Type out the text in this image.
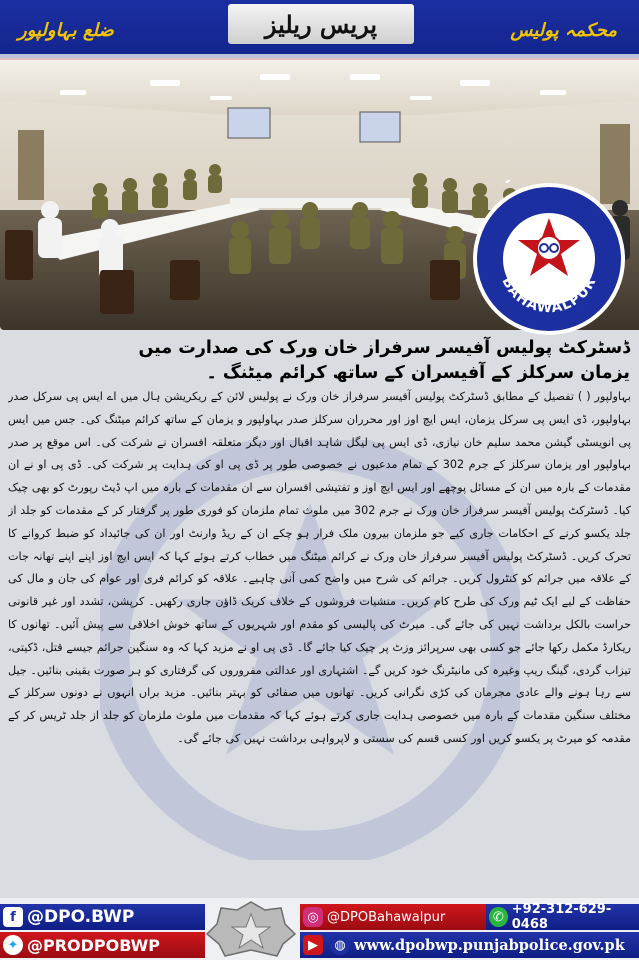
ضلع بہاولپور	پریس ریلیز	محکمہ پولیس
BAHAWALPUR
ڈسٹرکٹ پولیس آفیسر سرفراز خان ورک کی صدارت میں یزمان سرکلز کے آفیسران کے ساتھ کرائم میٹنگ ۔
بہاولپور ( ) تفصیل کے مطابق ڈسٹرکٹ پولیس آفیسر سرفراز خان ورک نے پولیس لائن کے ریکریشن ہال میں اے ایس پی سرکل صدر بہاولپور، ڈی ایس پی سرکل یزمان، ایس ایچ اوز اور محرران سرکلز صدر بہاولپور و یزمان کے ساتھ کرائم میٹنگ کی۔ جس میں ایس پی انویسٹی گیشن محمد سلیم خان نیازی، ڈی ایس پی لیگل شاہد اقبال اور دیگر متعلقہ افسران نے شرکت کی۔ اس موقع پر صدر بہاولپور اور یزمان سرکلز کے جرم 302 کے تمام مدعیوں نے خصوصی طور پر ڈی پی او کی ہدایت پر شرکت کی۔ ڈی پی او نے ان مقدمات کے بارہ میں ان کے مسائل پوچھے اور ایس ایچ اوز و تفتیشی افسران سے ان مقدمات کے بارہ میں اپ ڈیٹ رپورٹ کو بھی چیک کیا۔ ڈسٹرکٹ پولیس آفیسر سرفراز خان ورک نے جرم 302 میں ملوث تمام ملزمان کو فوری طور پر گرفتار کر کے مقدمات کو جلد از جلد یکسو کرنے کے احکامات جاری کیے جو ملزمان بیرون ملک فرار ہو چکے ان کے ریڈ وارنٹ اور ان کی جائیداد کو ضبط کروانے کا تحرک کریں۔ ڈسٹرکٹ پولیس آفیسر سرفراز خان ورک نے کرائم میٹنگ میں خطاب کرتے ہوئے کہا کہ ایس ایچ اوز اپنے اپنے تھانہ جات کے علاقہ میں جرائم کو کنٹرول کریں۔ جرائم کی شرح میں واضح کمی آنی چاہیے۔ علاقہ کو کرائم فری اور عوام کی جان و مال کی حفاظت کے لیے ایک ٹیم ورک کی طرح کام کریں۔ منشیات فروشوں کے خلاف کریک ڈاؤن جاری رکھیں۔ کرپشن، تشدد اور غیر قانونی حراست بالکل برداشت نہیں کی جائے گی۔ میرٹ کی پالیسی کو مقدم اور شہریوں کے ساتھ خوش اخلاقی سے پیش آئیں۔ تھانوں کا ریکارڈ مکمل رکھا جائے جو کسی بھی سرپرائز وزٹ پر چیک کیا جائے گا۔ ڈی پی او نے مزید کہا کہ وہ سنگین جرائم جیسے قتل، ڈکیتی، تیزاب گردی، گینگ ریپ وغیرہ کی مانیٹرنگ خود کریں گے۔ اشتہاری اور عدالتی مفروروں کی گرفتاری کو ہر صورت یقینی بنائیں۔ جیل سے رہا ہونے والے عادی مجرمان کی کڑی نگرانی کریں۔ تھانوں میں صفائی کو بہتر بنائیں۔ مزید براں انہوں نے دونوں سرکلز کے مختلف سنگین مقدمات کے بارہ میں خصوصی ہدایت جاری کرتے ہوئے کہا کہ مقدمات میں ملوث ملزمان کو جلد از جلد ٹریس کر کے مقدمہ کو میرٹ پر یکسو کریں اور کسی قسم کی سستی و لاپرواہی برداشت نہیں کی جائے گی۔
f @DPO.BWP
✦ @PRODPOBWP
◎ @DPOBahawalpur	✆ +92-312-629-0468
▶	◍ www.dpobwp.punjabpolice.gov.pk
